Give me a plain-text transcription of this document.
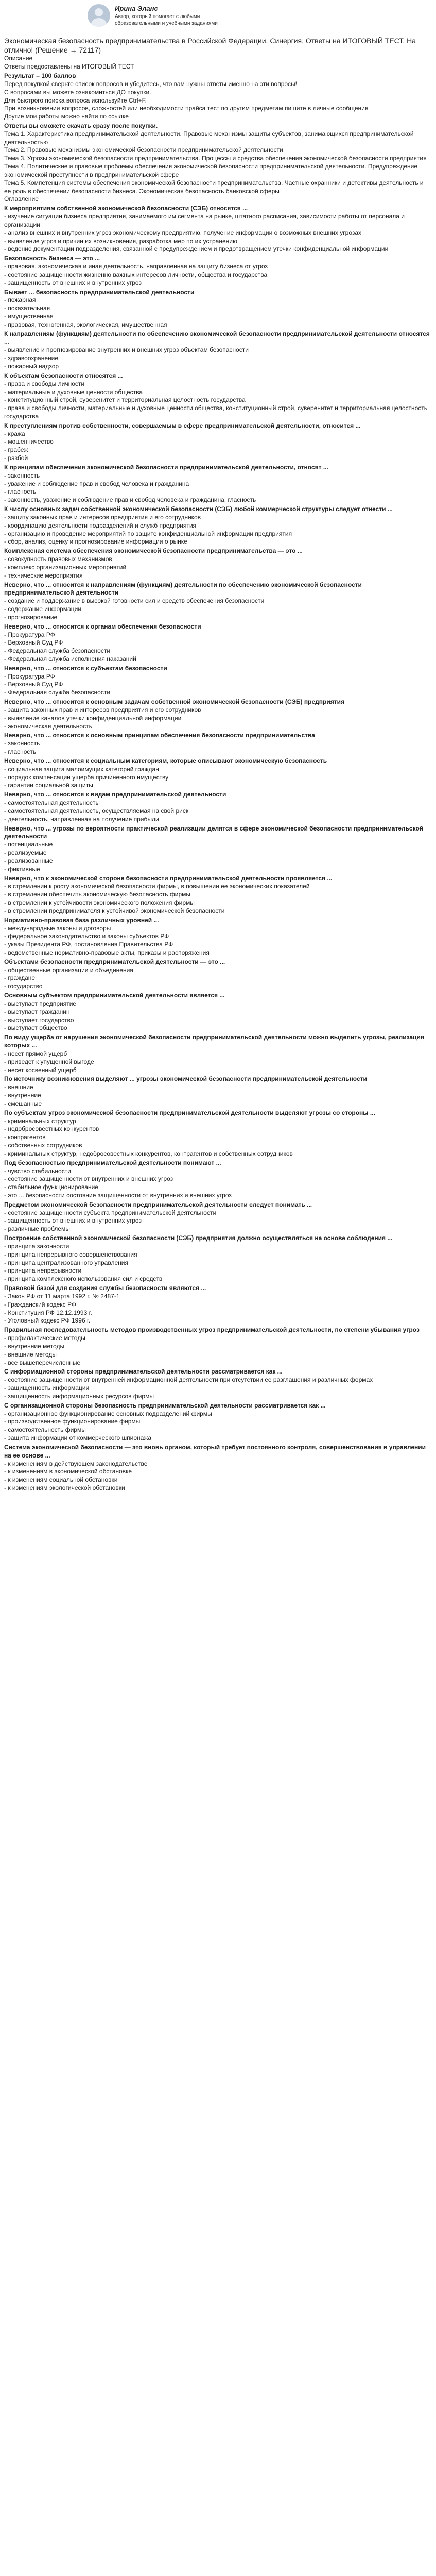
Ирина Эланс
Автор, который помогает с любыми образовательными и учебными заданиями
Экономическая безопасность предпринимательства в Российской Федерации. Синергия. Ответы на ИТОГОВЫЙ ТЕСТ. На отлично! (Решение → 72117)
Описание
Ответы предоставлены на ИТОГОВЫЙ ТЕСТ
Результат – 100 баллов
Перед покупкой сверьте список вопросов и убедитесь, что вам нужны ответы именно на эти вопросы!
С вопросами вы можете ознакомиться ДО покупки.
Для быстрого поиска вопроса используйте Ctrl+F.
При возникновении вопросов, сложностей или необходимости прайса тест по другим предметам пишите в личные сообщения
Другие мои работы можно найти по ссылке
Ответы вы сможете скачать сразу после покупки.
Тема 1. Характеристика предпринимательской деятельности. Правовые механизмы защиты субъектов, занимающихся предпринимательской деятельностью
Тема 2. Правовые механизмы экономической безопасности предпринимательской деятельности
Тема 3. Угрозы экономической безопасности предпринимательства. Процессы и средства обеспечения экономической безопасности предприятия
Тема 4. Политические и правовые проблемы обеспечения экономической безопасности предпринимательской деятельности. Предупреждение экономической преступности в предпринимательской сфере
Тема 5. Компетенция системы обеспечения экономической безопасности предпринимательства. Частные охранники и детективы деятельность и ее роль в обеспечении безопасности бизнеса. Экономическая безопасность банковской сферы
Оглавление
К мероприятиям собственной экономической безопасности (СЭБ) относятся ...
- изучение ситуации бизнеса предприятия, занимаемого им сегмента на рынке, штатного расписания, зависимости работы от персонала и организации
- анализ внешних и внутренних угроз экономическому предприятию, получение информации о возможных внешних угрозах
- выявление угроз и причин их возникновения, разработка мер по их устранению
- ведение документации подразделения, связанной с предупреждением и предотвращением утечки конфиденциальной информации
Безопасность бизнеса — это ...
- правовая, экономическая и иная деятельность, направленная на защиту бизнеса от угроз
- состояние защищенности жизненно важных интересов личности, общества и государства
- защищенность от внешних и внутренних угроз
Бывает ... безопасность предпринимательской деятельности
- пожарная
- показательная
- имущественная
- правовая, техногенная, экологическая, имущественная
К направлениям (функциям) деятельности по обеспечению экономической безопасности предпринимательской деятельности относятся ...
- выявление и прогнозирование внутренних и внешних угроз объектам безопасности
- здравоохранение
- пожарный надзор
К объектам безопасности относятся ...
- права и свободы личности
- материальные и духовные ценности общества
- конституционный строй, суверенитет и территориальная целостность государства
- права и свободы личности, материальные и духовные ценности общества, конституционный строй, суверенитет и территориальная целостность государства
К преступлениям против собственности, совершаемым в сфере предпринимательской деятельности, относится ...
- кража
- мошенничество
- грабеж
- разбой
К принципам обеспечения экономической безопасности предпринимательской деятельности, относят ...
- законность
- уважение и соблюдение прав и свобод человека и гражданина
- гласность
- законность, уважение и соблюдение прав и свобод человека и гражданина, гласность
К числу основных задач собственной экономической безопасности (СЭБ) любой коммерческой структуры следует отнести ...
- защиту законных прав и интересов предприятия и его сотрудников
- координацию деятельности подразделений и служб предприятия
- организацию и проведение мероприятий по защите конфиденциальной информации предприятия
- сбор, анализ, оценку и прогнозирование информации о рынке
Комплексная система обеспечения экономической безопасности предпринимательства — это ...
- совокупность правовых механизмов
- комплекс организационных мероприятий
- технические мероприятия
Неверно, что ... относится к направлениям (функциям) деятельности по обеспечению экономической безопасности предпринимательской деятельности
- создание и поддержание в высокой готовности сил и средств обеспечения безопасности
- содержание информации
- прогнозирование
Неверно, что ... относится к органам обеспечения безопасности
- Прокуратура РФ
- Верховный Суд РФ
- Федеральная служба безопасности
- Федеральная служба исполнения наказаний
Неверно, что ... относится к субъектам безопасности
- Прокуратура РФ
- Верховный Суд РФ
- Федеральная служба безопасности
Неверно, что ... относится к основным задачам собственной экономической безопасности (СЭБ) предприятия
- защита законных прав и интересов предприятия и его сотрудников
- выявление каналов утечки конфиденциальной информации
- экономическая деятельность
Неверно, что ... относится к основным принципам обеспечения безопасности предпринимательства
- законность
- гласность
Неверно, что ... относится к социальным категориям, которые описывают экономическую безопасность
- социальная защита малоимущих категорий граждан
- порядок компенсации ущерба причиненного имуществу
- гарантии социальной защиты
Неверно, что ... относится к видам предпринимательской деятельности
- самостоятельная деятельность
- самостоятельная деятельность, осуществляемая на свой риск
- деятельность, направленная на получение прибыли
Неверно, что ... угрозы по вероятности практической реализации делятся в сфере экономической безопасности предпринимательской деятельности
- потенциальные
- реализуемые
- реализованные
- фиктивные
Неверно, что к экономической стороне безопасности предпринимательской деятельности проявляется ...
- в стремлении к росту экономической безопасности фирмы, в повышении ее экономических показателей
- в стремлении обеспечить экономическую безопасность фирмы
- в стремлении к устойчивости экономического положения фирмы
- в стремлении предпринимателя к устойчивой экономической безопасности
Нормативно-правовая база различных уровней ...
- международные законы и договоры
- федеральное законодательство и законы субъектов РФ
- указы Президента РФ, постановления Правительства РФ
- ведомственные нормативно-правовые акты, приказы и распоряжения
Объектами безопасности предпринимательской деятельности — это ...
- общественные организации и объединения
- граждане
- государство
Основным субъектом предпринимательской деятельности является ...
- выступает предприятие
- выступает гражданин
- выступает государство
- выступает общество
По виду ущерба от нарушения экономической безопасности предпринимательской деятельности можно выделить угрозы, реализация которых ...
- несет прямой ущерб
- приведет к упущенной выгоде
- несет косвенный ущерб
По источнику возникновения выделяют ... угрозы экономической безопасности предпринимательской деятельности
- внешние
- внутренние
- смешанные
По субъектам угроз экономической безопасности предпринимательской деятельности выделяют угрозы со стороны ...
- криминальных структур
- недобросовестных конкурентов
- контрагентов
- собственных сотрудников
- криминальных структур, недобросовестных конкурентов, контрагентов и собственных сотрудников
Под безопасностью предпринимательской деятельности понимают ...
- чувство стабильности
- состояние защищенности от внутренних и внешних угроз
- стабильное функционирование
- это ... безопасности состояние защищенности от внутренних и внешних угроз
Предметом экономической безопасности предпринимательской деятельности следует понимать ...
- состояние защищенности субъекта предпринимательской деятельности
- защищенность от внешних и внутренних угроз
- различные проблемы
Построение собственной экономической безопасности (СЭБ) предприятия должно осуществляться на основе соблюдения ...
- принципа законности
- принципа непрерывного совершенствования
- принципа централизованного управления
- принципа непрерывности
- принципа комплексного использования сил и средств
Правовой базой для создания службы безопасности являются ...
- Закон РФ от 11 марта 1992 г. № 2487-1
- Гражданский кодекс РФ
- Конституция РФ 12.12.1993 г.
- Уголовный кодекс РФ 1996 г.
Правильная последовательность методов производственных угроз предпринимательской деятельности, по степени убывания угроз
- профилактические методы
- внутренние методы
- внешние методы
- все вышеперечисленные
С информационной стороны предпринимательской деятельности рассматривается как ...
- состояние защищенности от внутренней информационной деятельности при отсутствии ее разглашения и различных формах
- защищенность информации
- защищенность информационных ресурсов фирмы
С организационной стороны безопасность предпринимательской деятельности рассматривается как ...
- организационное функционирование основных подразделений фирмы
- производственное функционирование фирмы
- самостоятельность фирмы
- защита информации от коммерческого шпионажа
Система экономической безопасности — это вновь органом, который требует постоянного контроля, совершенствования в управлении на ее основе ...
- к изменениям в действующем законодательстве
- к изменениям в экономической обстановке
- к изменениям социальной обстановки
- к изменениям экологической обстановки
